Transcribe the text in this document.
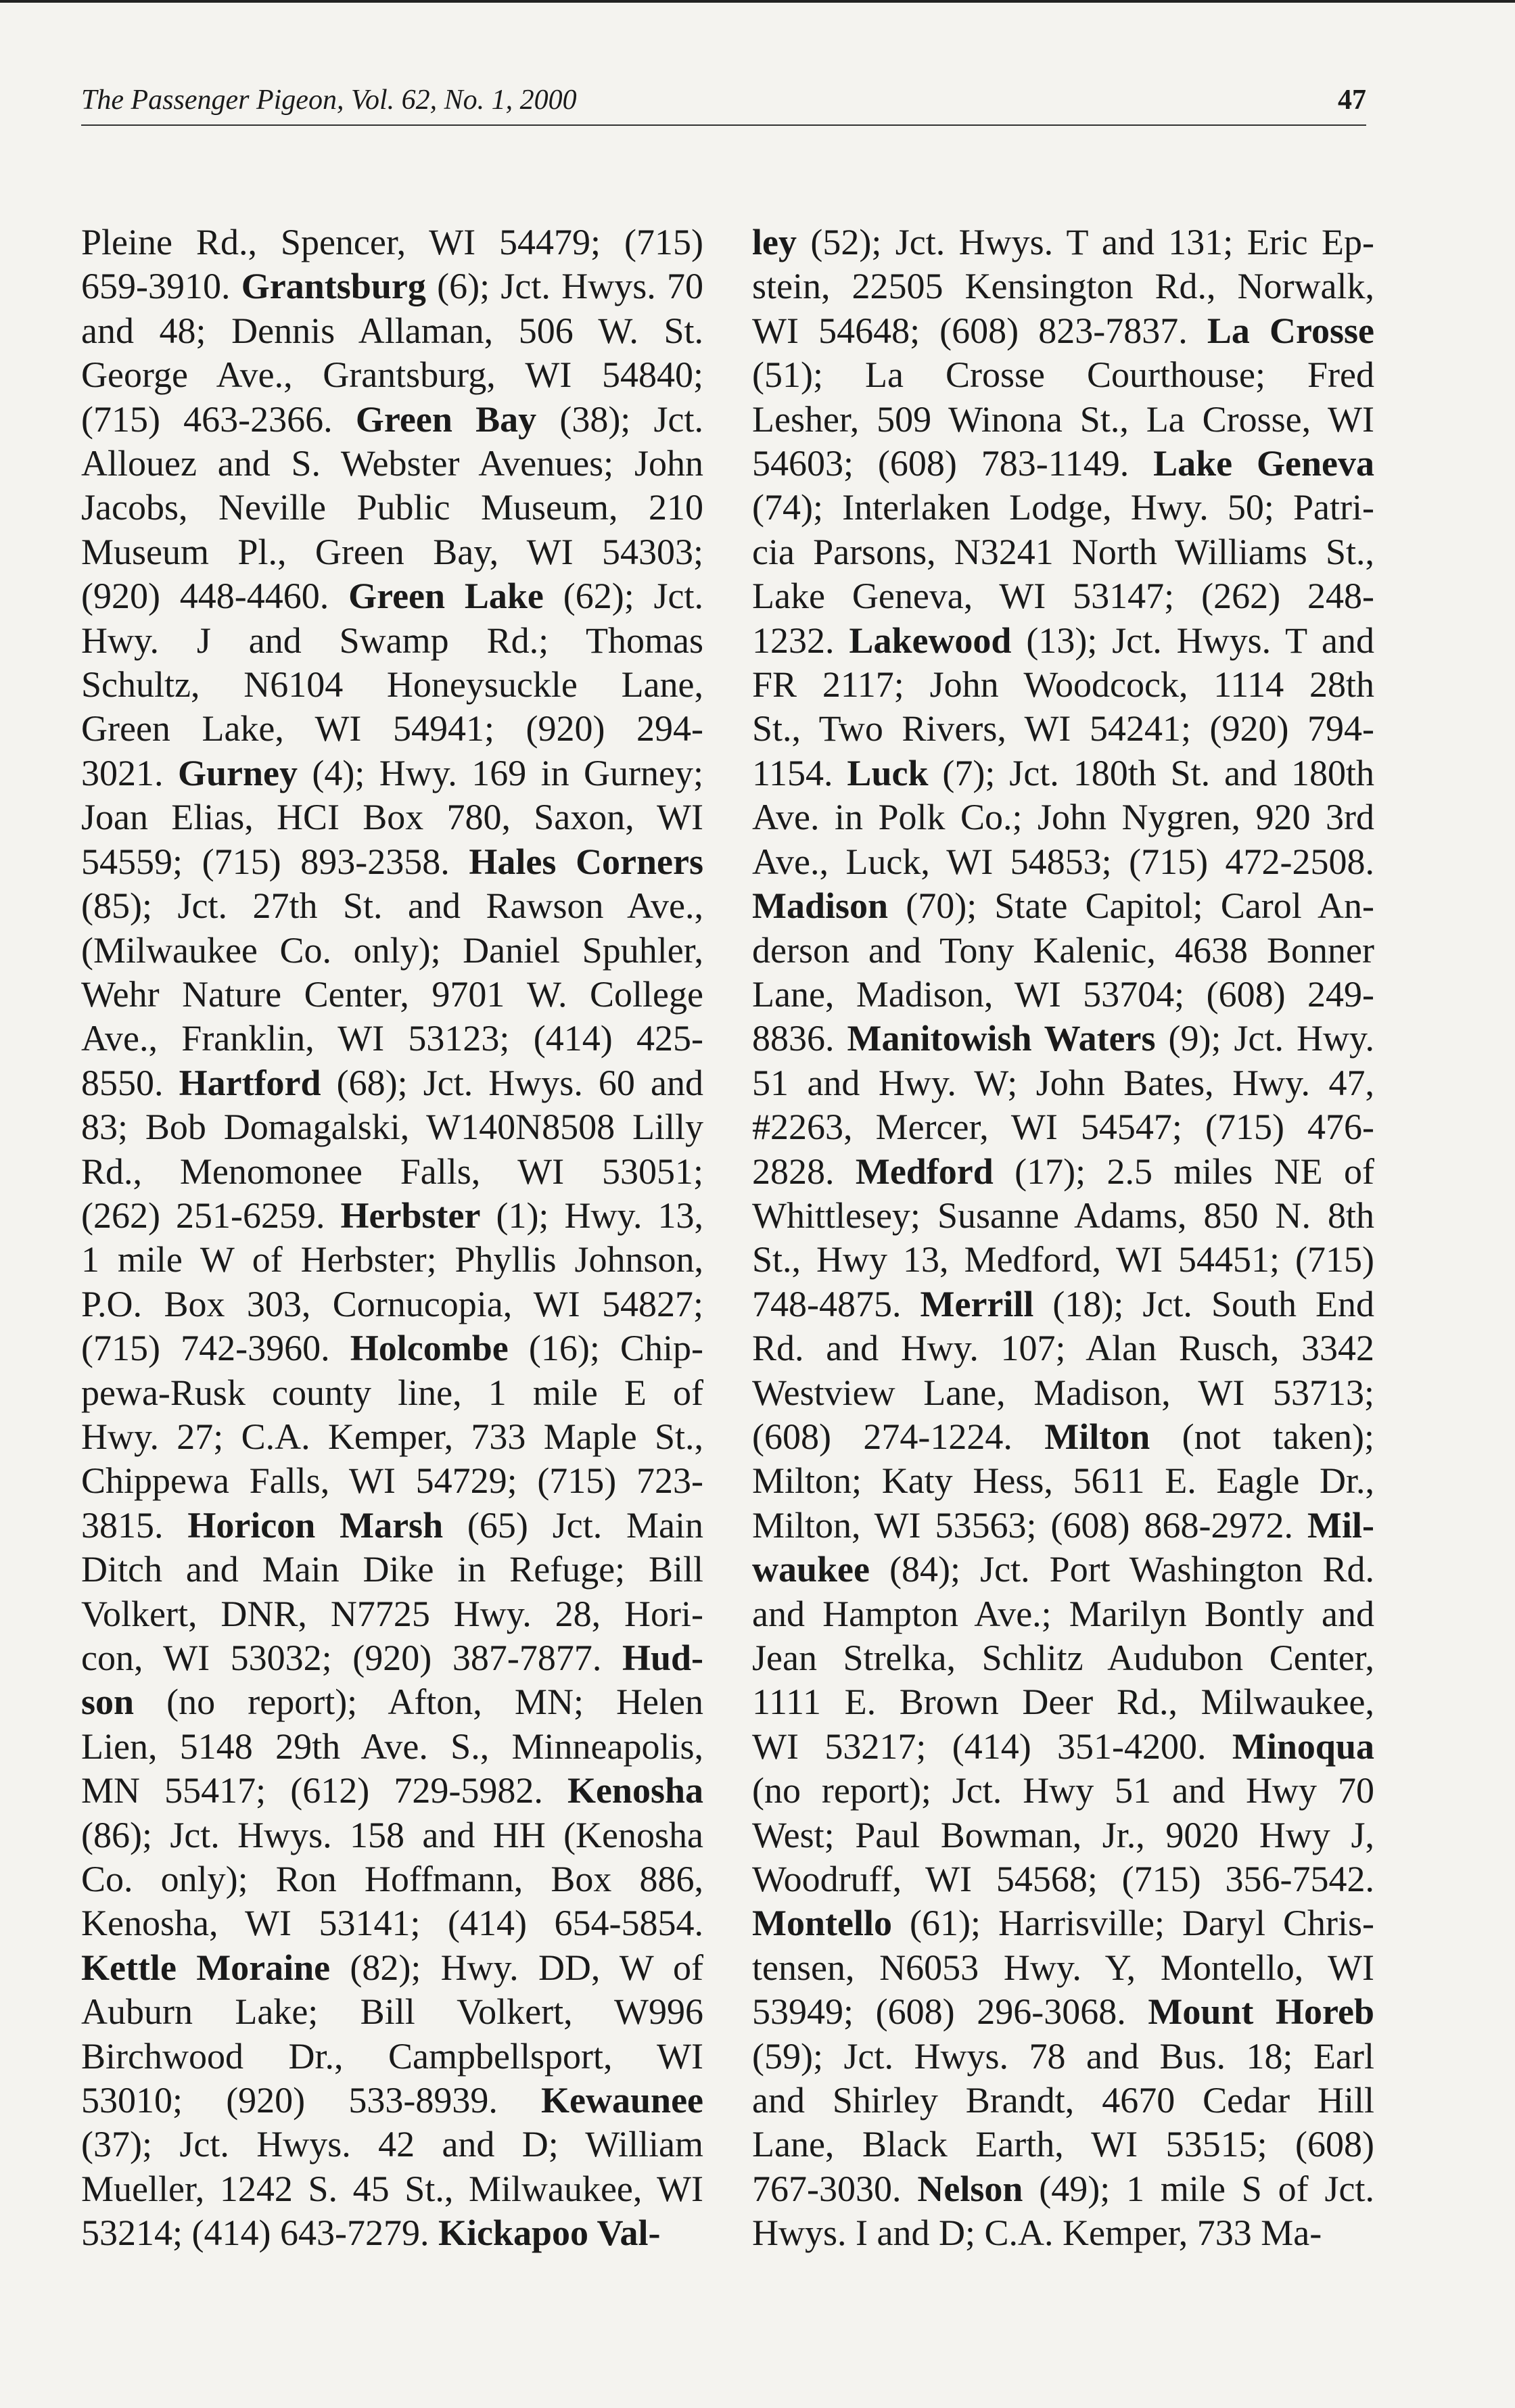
The Passenger Pigeon, Vol. 62, No. 1, 2000	47
Pleine Rd., Spencer, WI 54479; (715)
659-3910. Grantsburg (6); Jct. Hwys. 70
and 48; Dennis Allaman, 506 W. St.
George Ave., Grantsburg, WI 54840;
(715) 463-2366. Green Bay (38); Jct.
Allouez and S. Webster Avenues; John
Jacobs, Neville Public Museum, 210
Museum Pl., Green Bay, WI 54303;
(920) 448-4460. Green Lake (62); Jct.
Hwy. J and Swamp Rd.; Thomas
Schultz, N6104 Honeysuckle Lane,
Green Lake, WI 54941; (920) 294-
3021. Gurney (4); Hwy. 169 in Gurney;
Joan Elias, HCI Box 780, Saxon, WI
54559; (715) 893-2358. Hales Corners
(85); Jct. 27th St. and Rawson Ave.,
(Milwaukee Co. only); Daniel Spuhler,
Wehr Nature Center, 9701 W. College
Ave., Franklin, WI 53123; (414) 425-
8550. Hartford (68); Jct. Hwys. 60 and
83; Bob Domagalski, W140N8508 Lilly
Rd., Menomonee Falls, WI 53051;
(262) 251-6259. Herbster (1); Hwy. 13,
1 mile W of Herbster; Phyllis Johnson,
P.O. Box 303, Cornucopia, WI 54827;
(715) 742-3960. Holcombe (16); Chip-
pewa-Rusk county line, 1 mile E of
Hwy. 27; C.A. Kemper, 733 Maple St.,
Chippewa Falls, WI 54729; (715) 723-
3815. Horicon Marsh (65) Jct. Main
Ditch and Main Dike in Refuge; Bill
Volkert, DNR, N7725 Hwy. 28, Hori-
con, WI 53032; (920) 387-7877. Hud-
son (no report); Afton, MN; Helen
Lien, 5148 29th Ave. S., Minneapolis,
MN 55417; (612) 729-5982. Kenosha
(86); Jct. Hwys. 158 and HH (Kenosha
Co. only); Ron Hoffmann, Box 886,
Kenosha, WI 53141; (414) 654-5854.
Kettle Moraine (82); Hwy. DD, W of
Auburn Lake; Bill Volkert, W996
Birchwood Dr., Campbellsport, WI
53010; (920) 533-8939. Kewaunee
(37); Jct. Hwys. 42 and D; William
Mueller, 1242 S. 45 St., Milwaukee, WI
53214; (414) 643-7279. Kickapoo Val-
ley (52); Jct. Hwys. T and 131; Eric Ep-
stein, 22505 Kensington Rd., Norwalk,
WI 54648; (608) 823-7837. La Crosse
(51); La Crosse Courthouse; Fred
Lesher, 509 Winona St., La Crosse, WI
54603; (608) 783-1149. Lake Geneva
(74); Interlaken Lodge, Hwy. 50; Patri-
cia Parsons, N3241 North Williams St.,
Lake Geneva, WI 53147; (262) 248-
1232. Lakewood (13); Jct. Hwys. T and
FR 2117; John Woodcock, 1114 28th
St., Two Rivers, WI 54241; (920) 794-
1154. Luck (7); Jct. 180th St. and 180th
Ave. in Polk Co.; John Nygren, 920 3rd
Ave., Luck, WI 54853; (715) 472-2508.
Madison (70); State Capitol; Carol An-
derson and Tony Kalenic, 4638 Bonner
Lane, Madison, WI 53704; (608) 249-
8836. Manitowish Waters (9); Jct. Hwy.
51 and Hwy. W; John Bates, Hwy. 47,
#2263, Mercer, WI 54547; (715) 476-
2828. Medford (17); 2.5 miles NE of
Whittlesey; Susanne Adams, 850 N. 8th
St., Hwy 13, Medford, WI 54451; (715)
748-4875. Merrill (18); Jct. South End
Rd. and Hwy. 107; Alan Rusch, 3342
Westview Lane, Madison, WI 53713;
(608) 274-1224. Milton (not taken);
Milton; Katy Hess, 5611 E. Eagle Dr.,
Milton, WI 53563; (608) 868-2972. Mil-
waukee (84); Jct. Port Washington Rd.
and Hampton Ave.; Marilyn Bontly and
Jean Strelka, Schlitz Audubon Center,
1111 E. Brown Deer Rd., Milwaukee,
WI 53217; (414) 351-4200. Minoqua
(no report); Jct. Hwy 51 and Hwy 70
West; Paul Bowman, Jr., 9020 Hwy J,
Woodruff, WI 54568; (715) 356-7542.
Montello (61); Harrisville; Daryl Chris-
tensen, N6053 Hwy. Y, Montello, WI
53949; (608) 296-3068. Mount Horeb
(59); Jct. Hwys. 78 and Bus. 18; Earl
and Shirley Brandt, 4670 Cedar Hill
Lane, Black Earth, WI 53515; (608)
767-3030. Nelson (49); 1 mile S of Jct.
Hwys. I and D; C.A. Kemper, 733 Ma-
